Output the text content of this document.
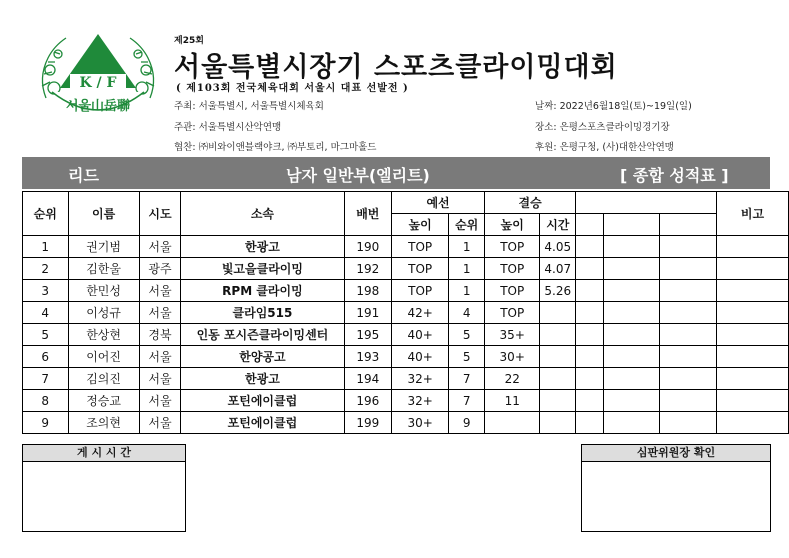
K / F
서울山岳聯
제25회
서울특별시장기 스포츠클라이밍대회
( 제103회 전국체육대회 서울시 대표 선발전 )
주최: 서울특별시, 서울특별시체육회
주관: 서울특별시산악연맹
협찬: ㈜비와이앤블랙야크, ㈜부토리, 마그마홀드
날짜: 2022년6월18일(토)~19일(일)
장소: 은평스포츠클라이밍경기장
후원: 은평구청, (사)대한산악연맹
리드	남자 일반부(엘리트)	[ 종합 성적표 ]
순위	이름	시도	소속	배번	예선		결승					비고
					높이	순위	높이	시간				
1	권기범	서울	한광고	190	TOP	1	TOP	4.05				
2	김한울	광주	빛고을클라이밍	192	TOP	1	TOP	4.07				
3	한민성	서울	RPM 클라이밍	198	TOP	1	TOP	5.26				
4	이성규	서울	클라임515	191	42+	4	TOP					
5	한상현	경북	인동 포시즌클라이밍센터	195	40+	5	35+					
6	이어진	서울	한양공고	193	40+	5	30+					
7	김의진	서울	한광고	194	32+	7	22					
8	정승교	서울	포틴에이클럽	196	32+	7	11					
9	조의현	서울	포틴에이클럽	199	30+	9						
게 시 시 간	심판위원장 확인
